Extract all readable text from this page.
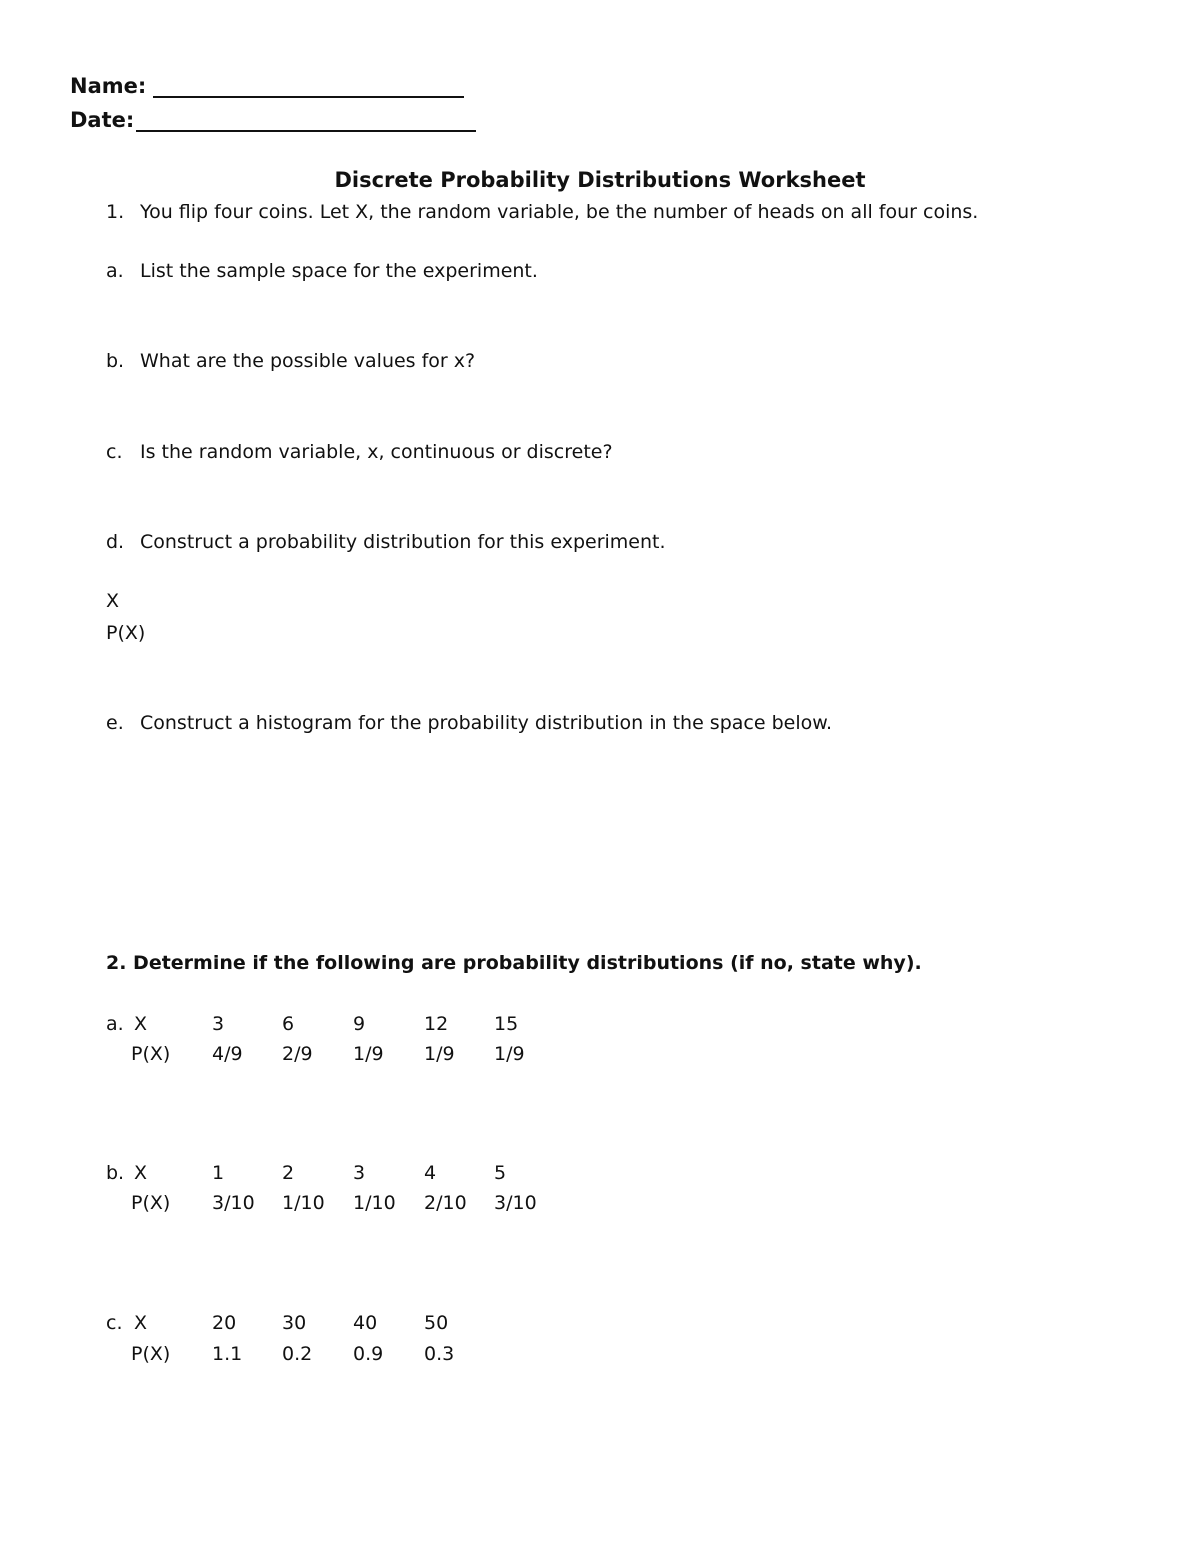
Name:
Date:
Discrete Probability Distributions Worksheet
1. You flip four coins. Let X, the random variable, be the number of heads on all four coins.
a. List the sample space for the experiment.
b. What are the possible values for x?
c. Is the random variable, x, continuous or discrete?
d. Construct a probability distribution for this experiment.
X
P(X)
e. Construct a histogram for the probability distribution in the space below.
2. Determine if the following are probability distributions (if no, state why).
a. X	3	6	9	12 15
P(X) 4/9 2/9 1/9 1/9 1/9
b. X	1	2	3	4	5
P(X) 3/10 1/10 1/10 2/10 3/10
c. X	20 30 40 50
P(X) 1.1 0.2 0.9 0.3
